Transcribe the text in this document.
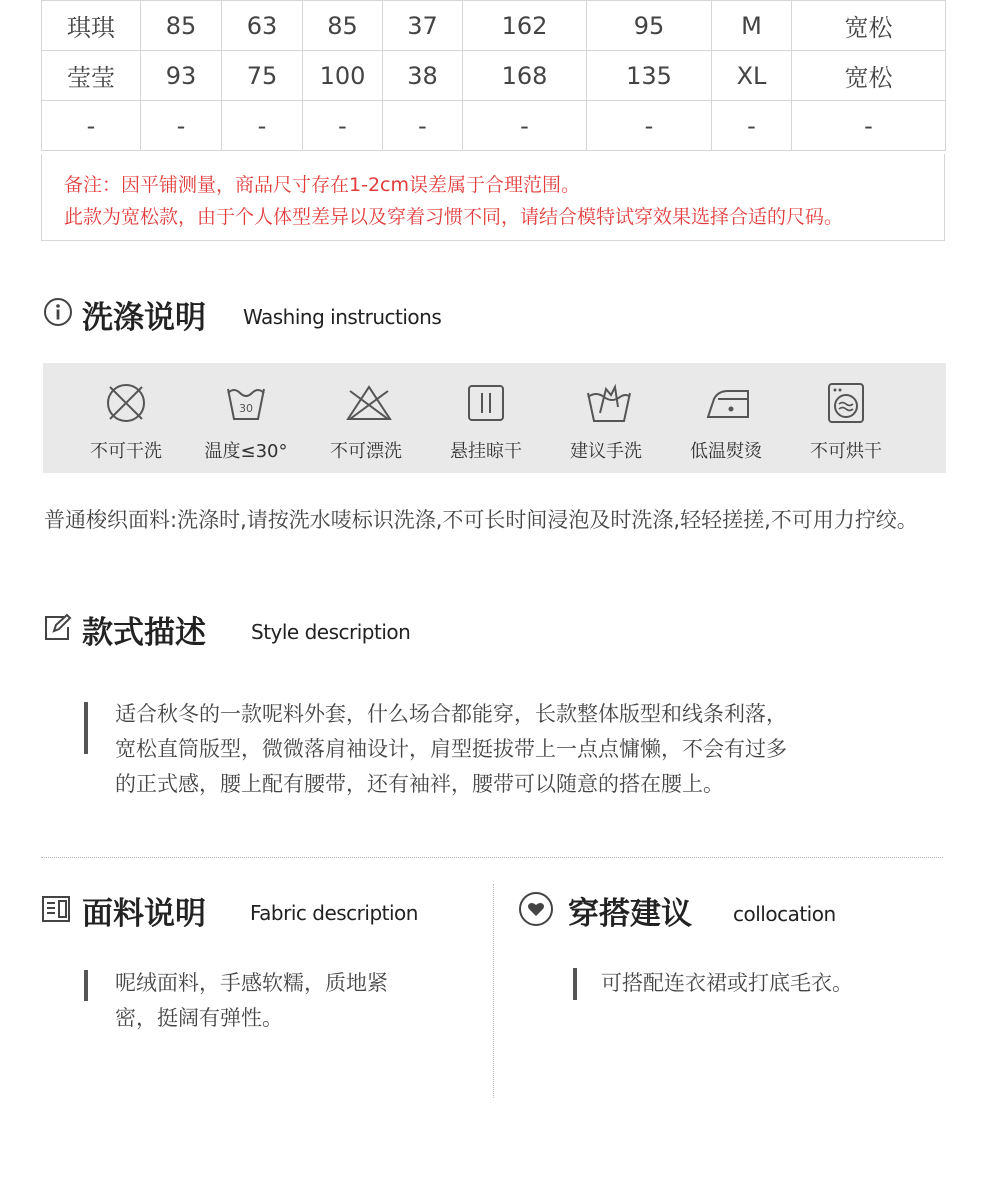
琪琪	85	63	85	37	162	95	M	宽松
莹莹	93	75	100	38	168	135	XL	宽松
-	-	-	-	-	-	-	-	-
备注：因平铺测量，商品尺寸存在1-2cm误差属于合理范围。
此款为宽松款，由于个人体型差异以及穿着习惯不同，请结合模特试穿效果选择合适的尺码。
洗涤说明 Washing instructions
不可干洗
30
温度≤30°	不可漂洗	悬挂晾干	建议手洗	低温熨烫	不可烘干
普通梭织面料:洗涤时,请按洗水唛标识洗涤,不可长时间浸泡及时洗涤,轻轻搓搓,不可用力拧绞。
款式描述 Style description
适合秋冬的一款呢料外套，什么场合都能穿，长款整体版型和线条利落，
宽松直筒版型，微微落肩袖设计，肩型挺拔带上一点点慵懒，不会有过多
的正式感，腰上配有腰带，还有袖袢，腰带可以随意的搭在腰上。
面料说明 Fabric description
呢绒面料，手感软糯，质地紧
密，挺阔有弹性。
穿搭建议 collocation
可搭配连衣裙或打底毛衣。
